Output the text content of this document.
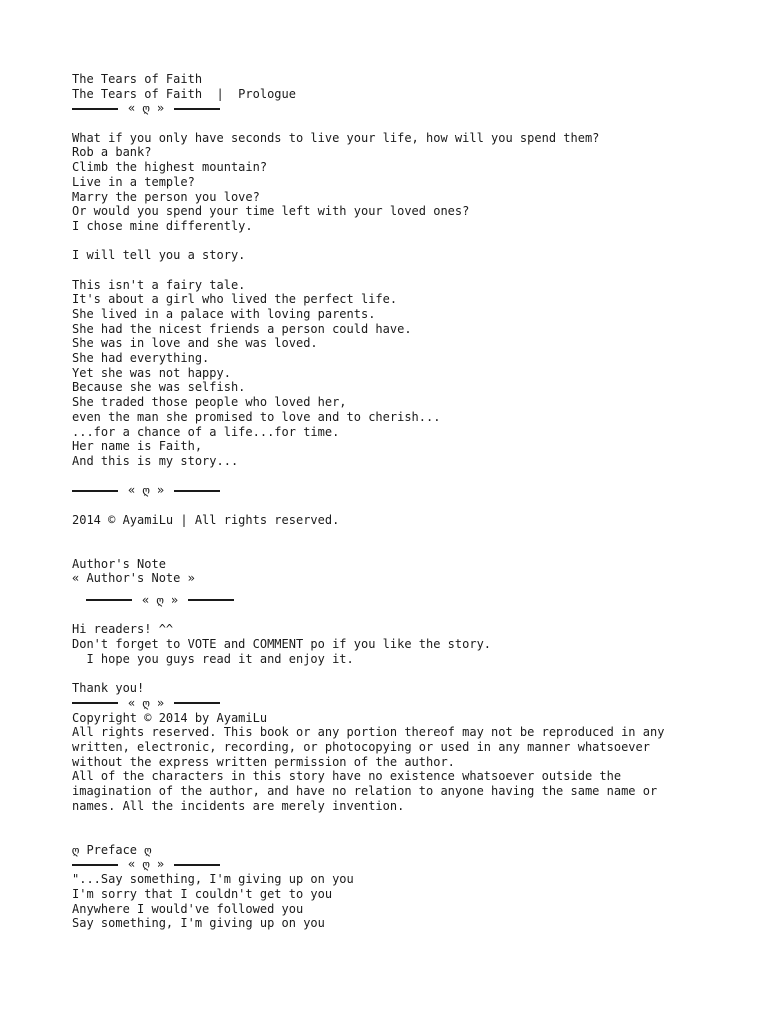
The Tears of Faith
The Tears of Faith  |  Prologue
« ღ »
What if you only have seconds to live your life, how will you spend them?
Rob a bank?
Climb the highest mountain?
Live in a temple?
Marry the person you love?
Or would you spend your time left with your loved ones?
I chose mine differently.
I will tell you a story.
This isn't a fairy tale.
It's about a girl who lived the perfect life.
She lived in a palace with loving parents.
She had the nicest friends a person could have.
She was in love and she was loved.
She had everything.
Yet she was not happy.
Because she was selfish.
She traded those people who loved her,
even the man she promised to love and to cherish...
...for a chance of a life...for time.
Her name is Faith,
And this is my story...
« ღ »
2014 © AyamiLu | All rights reserved.
Author's Note
« Author's Note »
« ღ »
Hi readers! ^^
Don't forget to VOTE and COMMENT po if you like the story.
I hope you guys read it and enjoy it.
Thank you!
« ღ »
Copyright © 2014 by AyamiLu
All rights reserved. This book or any portion thereof may not be reproduced in any
written, electronic, recording, or photocopying or used in any manner whatsoever
without the express written permission of the author.
All of the characters in this story have no existence whatsoever outside the
imagination of the author, and have no relation to anyone having the same name or
names. All the incidents are merely invention.
ღ Preface ღ
« ღ »
"...Say something, I'm giving up on you
I'm sorry that I couldn't get to you
Anywhere I would've followed you
Say something, I'm giving up on you
